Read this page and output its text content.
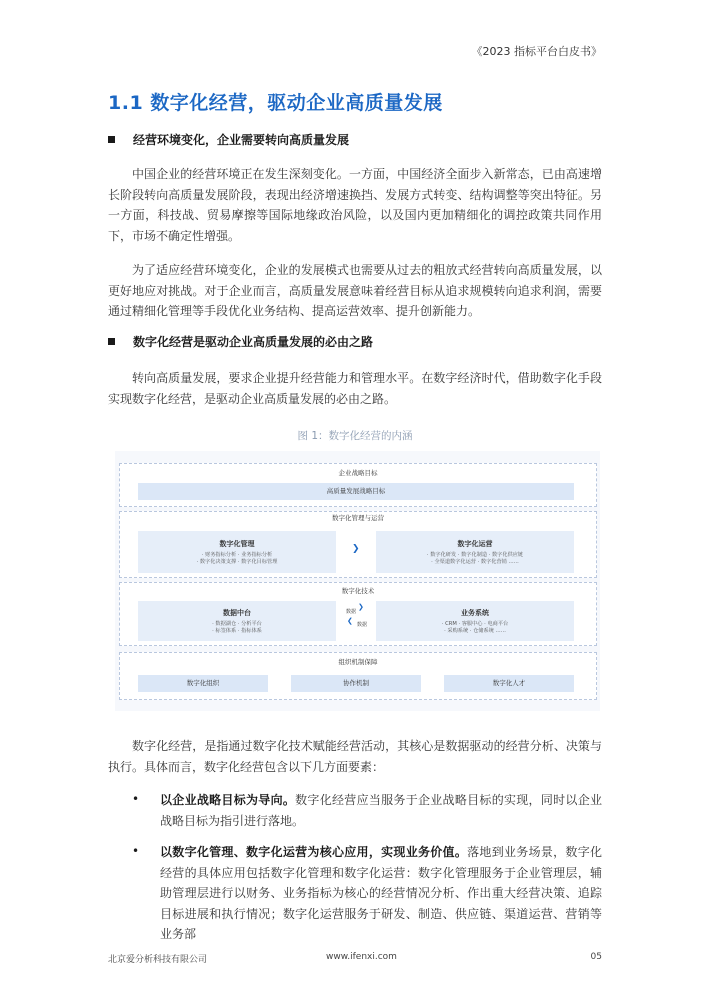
《2023 指标平台白皮书》
1.1 数字化经营，驱动企业高质量发展
经营环境变化，企业需要转向高质量发展
中国企业的经营环境正在发生深刻变化。一方面，中国经济全面步入新常态，已由高速增长阶段转向高质量发展阶段，表现出经济增速换挡、发展方式转变、结构调整等突出特征。另一方面，科技战、贸易摩擦等国际地缘政治风险，以及国内更加精细化的调控政策共同作用下，市场不确定性增强。
为了适应经营环境变化，企业的发展模式也需要从过去的粗放式经营转向高质量发展，以更好地应对挑战。对于企业而言，高质量发展意味着经营目标从追求规模转向追求利润，需要通过精细化管理等手段优化业务结构、提高运营效率、提升创新能力。
数字化经营是驱动企业高质量发展的必由之路
转向高质量发展，要求企业提升经营能力和管理水平。在数字经济时代，借助数字化手段实现数字化经营，是驱动企业高质量发展的必由之路。
图 1：数字化经营的内涵
企业战略目标
高质量发展战略目标
数字化管理与运营
数字化管理
· 财务指标分析 · 业务指标分析
· 数字化决策支撑 · 数字化目标管理
❯	数字化运营
· 数字化研发 · 数字化制造 · 数字化供应链
· 全渠道数字化运营 · 数字化营销 ……
数字化技术
数据中台
· 数据湖仓 · 分析平台
· 标签体系 · 指标体系
数据
❯
❮ 数据
业务系统
· CRM · 客服中心 · 电商平台
· 采购系统 · 仓储系统 ……
组织机制保障
数字化组织	协作机制	数字化人才
数字化经营，是指通过数字化技术赋能经营活动，其核心是数据驱动的经营分析、决策与执行。具体而言，数字化经营包含以下几方面要素：
• 以企业战略目标为导向。数字化经营应当服务于企业战略目标的实现，同时以企业战略目标为指引进行落地。
• 以数字化管理、数字化运营为核心应用，实现业务价值。落地到业务场景，数字化经营的具体应用包括数字化管理和数字化运营：数字化管理服务于企业管理层，辅助管理层进行以财务、业务指标为核心的经营情况分析、作出重大经营决策、追踪目标进展和执行情况；数字化运营服务于研发、制造、供应链、渠道运营、营销等业务部
北京爱分析科技有限公司	www.ifenxi.com	05
